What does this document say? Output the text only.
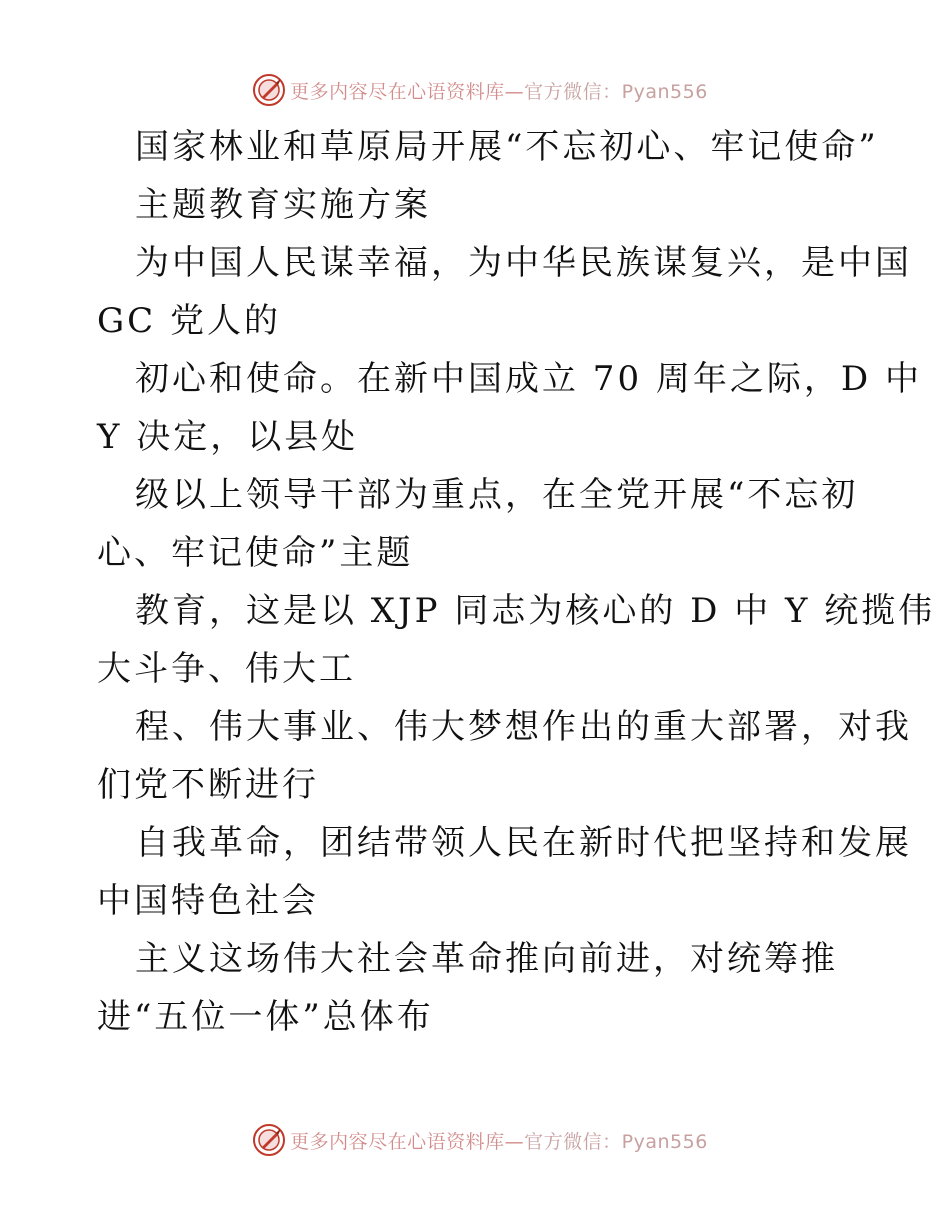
更多内容尽在心语资料库—官方微信：Pyan556
国家林业和草原局开展“不忘初心、牢记使命”
主题教育实施方案
为中国人民谋幸福，为中华民族谋复兴，是中国
GC 党人的
初心和使命。在新中国成立 70 周年之际，D 中
Y 决定，以县处
级以上领导干部为重点，在全党开展“不忘初
心、牢记使命”主题
教育，这是以 XJP 同志为核心的 D 中 Y 统揽伟
大斗争、伟大工
程、伟大事业、伟大梦想作出的重大部署，对我
们党不断进行
自我革命，团结带领人民在新时代把坚持和发展
中国特色社会
主义这场伟大社会革命推向前进，对统筹推
进“五位一体”总体布
更多内容尽在心语资料库—官方微信：Pyan556
